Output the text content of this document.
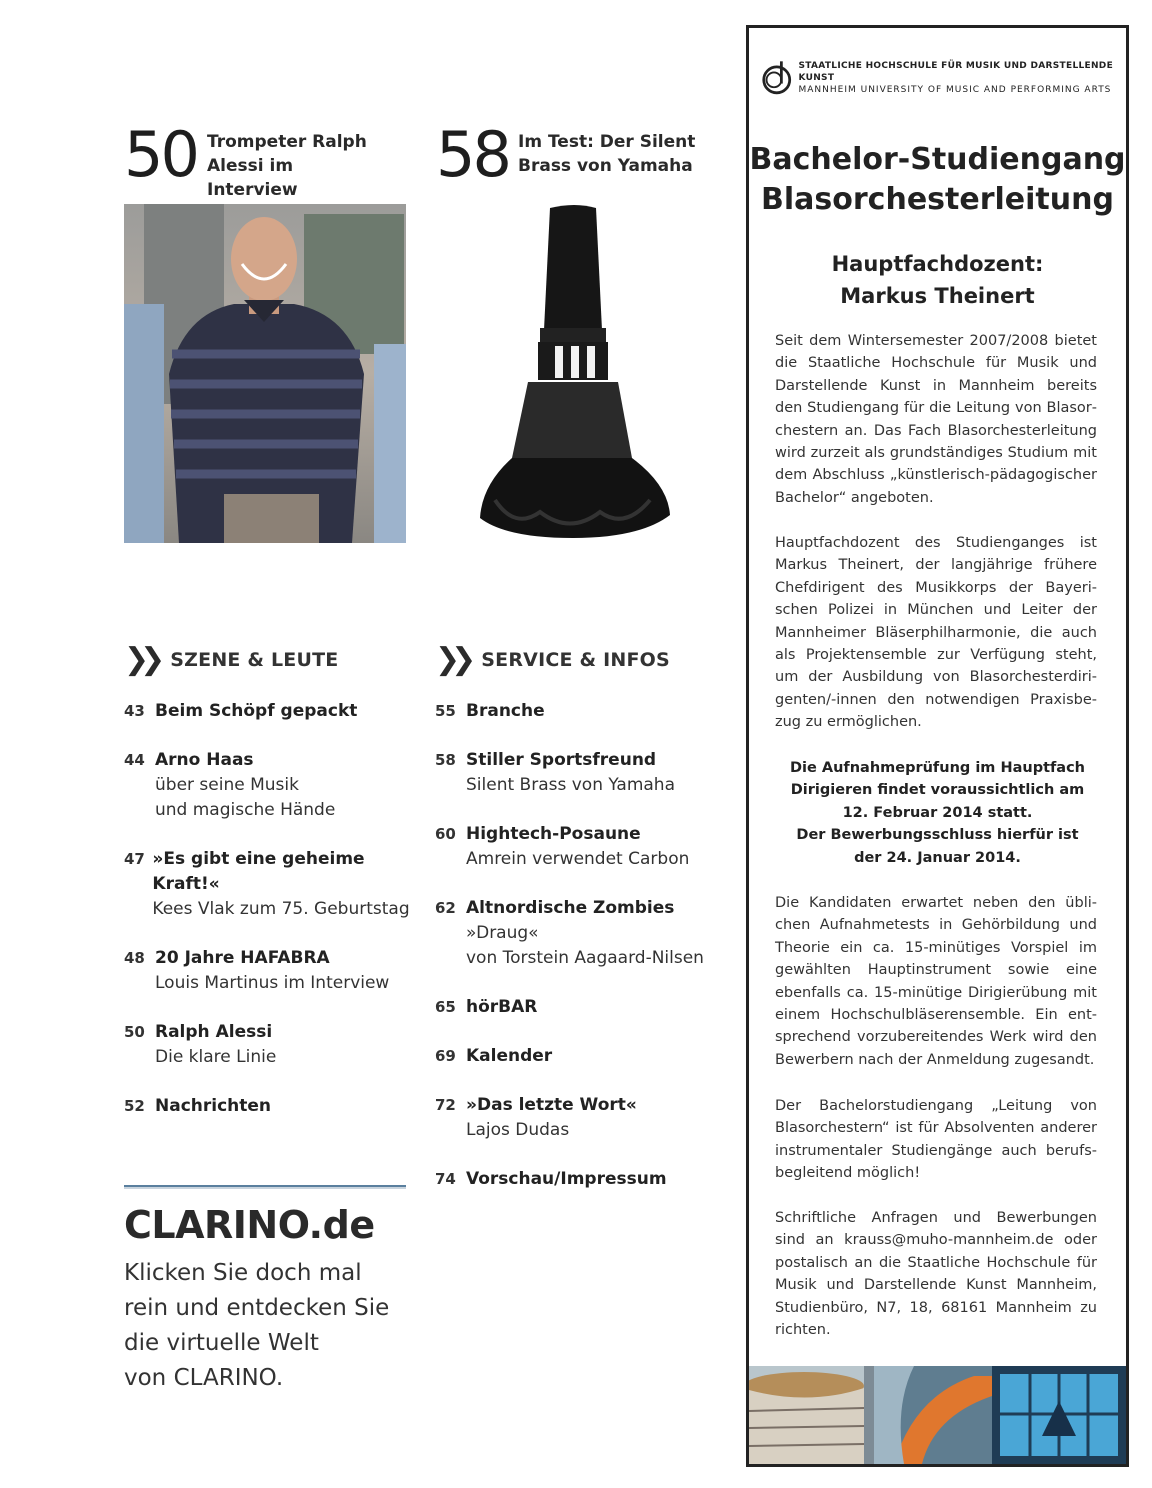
50 Trompeter Ralph Alessi im Interview	58 Im Test: Der Silent Brass von Yamaha
❯❯ SZENE & LEUTE
43 Beim Schöpf gepackt
44 Arno Haas
über seine Musik
und magische Hände
47 »Es gibt eine geheime Kraft!«
Kees Vlak zum 75. Geburtstag
48 20 Jahre HAFABRA
Louis Martinus im Interview
50 Ralph Alessi
Die klare Linie
52 Nachrichten
❯❯ SERVICE & INFOS
55 Branche
58 Stiller Sportsfreund
Silent Brass von Yamaha
60 Hightech-Posaune
Amrein verwendet Carbon
62 Altnordische Zombies
»Draug«
von Torstein Aagaard-Nilsen
65 hörBAR
69 Kalender
72 »Das letzte Wort«
Lajos Dudas
74 Vorschau/Impressum
CLARINO.de
Klicken Sie doch mal
rein und entdecken Sie
die virtuelle Welt
von CLARINO.
STAATLICHE HOCHSCHULE FÜR MUSIK UND DARSTELLENDE KUNST
MANNHEIM UNIVERSITY OF MUSIC AND PERFORMING ARTS
Bachelor-Studiengang
Blasorchesterleitung
Hauptfachdozent:
Markus Theinert
Seit dem Wintersemester 2007/2008 bietet die Staatliche Hochschule für Musik und Darstellende Kunst in Mannheim bereits den Studiengang für die Leitung von Blasorchestern an. Das Fach Blasorchesterleitung wird zurzeit als grundständiges Studium mit dem Abschluss „künstlerisch-pädagogischer Bachelor“ angeboten.
Hauptfachdozent des Studienganges ist Markus Theinert, der langjährige frühere Chefdirigent des Musikkorps der Bayerischen Polizei in München und Leiter der Mannheimer Bläserphilharmonie, die auch als Projektensemble zur Verfügung steht, um der Ausbildung von Blasorchesterdirigenten/-innen den notwendigen Praxisbezug zu ermöglichen.
Die Aufnahmeprüfung im Hauptfach
Dirigieren findet voraussichtlich am
12. Februar 2014 statt.
Der Bewerbungsschluss hierfür ist
der 24. Januar 2014.
Die Kandidaten erwartet neben den üblichen Aufnahmetests in Gehörbildung und Theorie ein ca. 15-minütiges Vorspiel im gewählten Hauptinstrument sowie eine ebenfalls ca. 15-minütige Dirigierübung mit einem Hochschulbläserensemble. Ein entsprechend vorzubereitendes Werk wird den Bewerbern nach der Anmeldung zugesandt.
Der Bachelorstudiengang „Leitung von Blasorchestern“ ist für Absolventen anderer instrumentaler Studiengänge auch berufsbegleitend möglich!
Schriftliche Anfragen und Bewerbungen sind an krauss@muho-mannheim.de oder postalisch an die Staatliche Hochschule für Musik und Darstellende Kunst Mannheim, Studienbüro, N7, 18, 68161 Mannheim zu richten.
